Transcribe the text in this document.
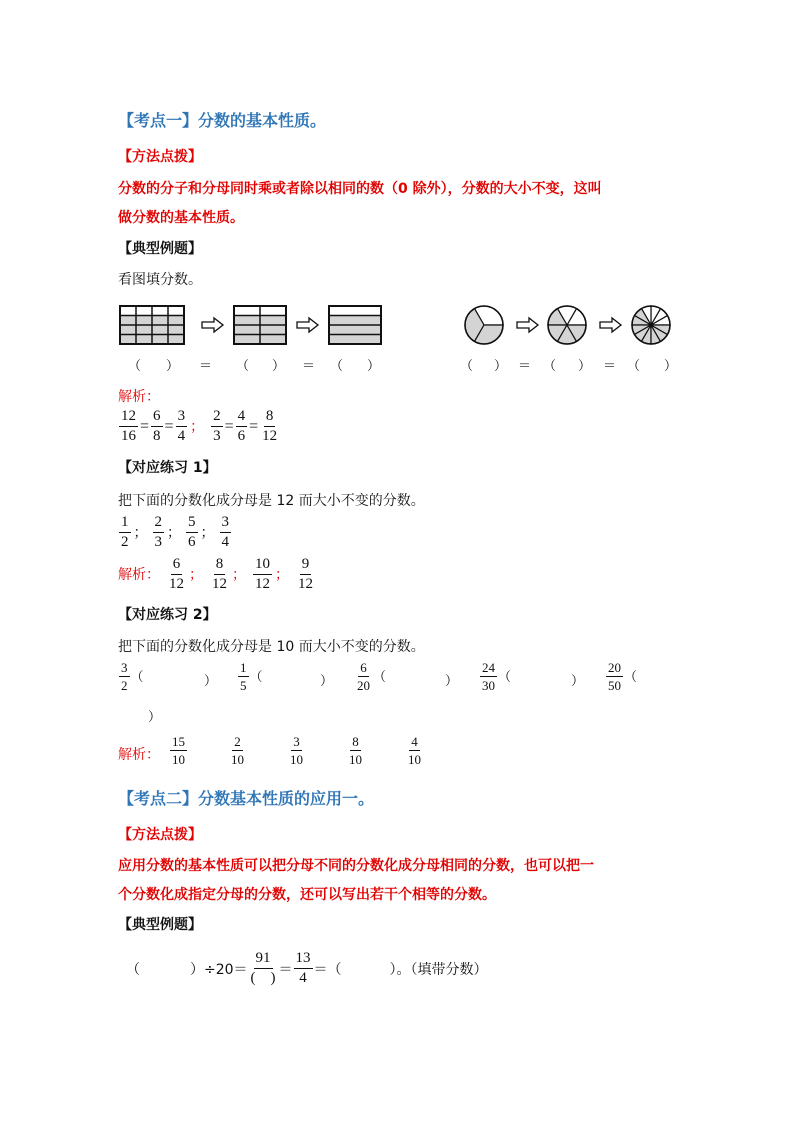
【考点一】分数的基本性质。
【方法点拨】
分数的分子和分母同时乘或者除以相同的数（0 除外），分数的大小不变，这叫
做分数的基本性质。
【典型例题】
看图填分数。
（ ） ＝ （ ） ＝ （ ）	（ ） ＝ （ ） ＝ （ ）
解析：
$\frac{12}{16} = \frac{6}{8} = \frac{3}{4}$ ； $\frac{2}{3} = \frac{4}{6} = \frac{8}{12}$
【对应练习 1】
把下面的分数化成分母是 12 而大小不变的分数。
$\frac{1}{2}$ ； $\frac{2}{3}$ ； $\frac{5}{6}$ ； $\frac{3}{4}$
解析： $\frac{6}{12}$ ； $\frac{8}{12}$ ； $\frac{10}{12}$ ； $\frac{9}{12}$
【对应练习 2】
把下面的分数化成分母是 10 而大小不变的分数。
$\frac{3}{2}$ （	） $\frac{1}{5}$ （	） $\frac{6}{20}$ （	） $\frac{24}{30}$ （	） $\frac{20}{50}$ （
）
解析： $\frac{15}{10}$	$\frac{2}{10}$	$\frac{3}{10}$	$\frac{8}{10}$	$\frac{4}{10}$
【考点二】分数基本性质的应用一。
【方法点拨】
应用分数的基本性质可以把分母不同的分数化成分母相同的分数，也可以把一
个分数化成指定分母的分数，还可以写出若干个相等的分数。
【典型例题】
（	）$\div 20= \frac{91}{( )} = \frac{13}{4}$ ＝（	）。（填带分数）
